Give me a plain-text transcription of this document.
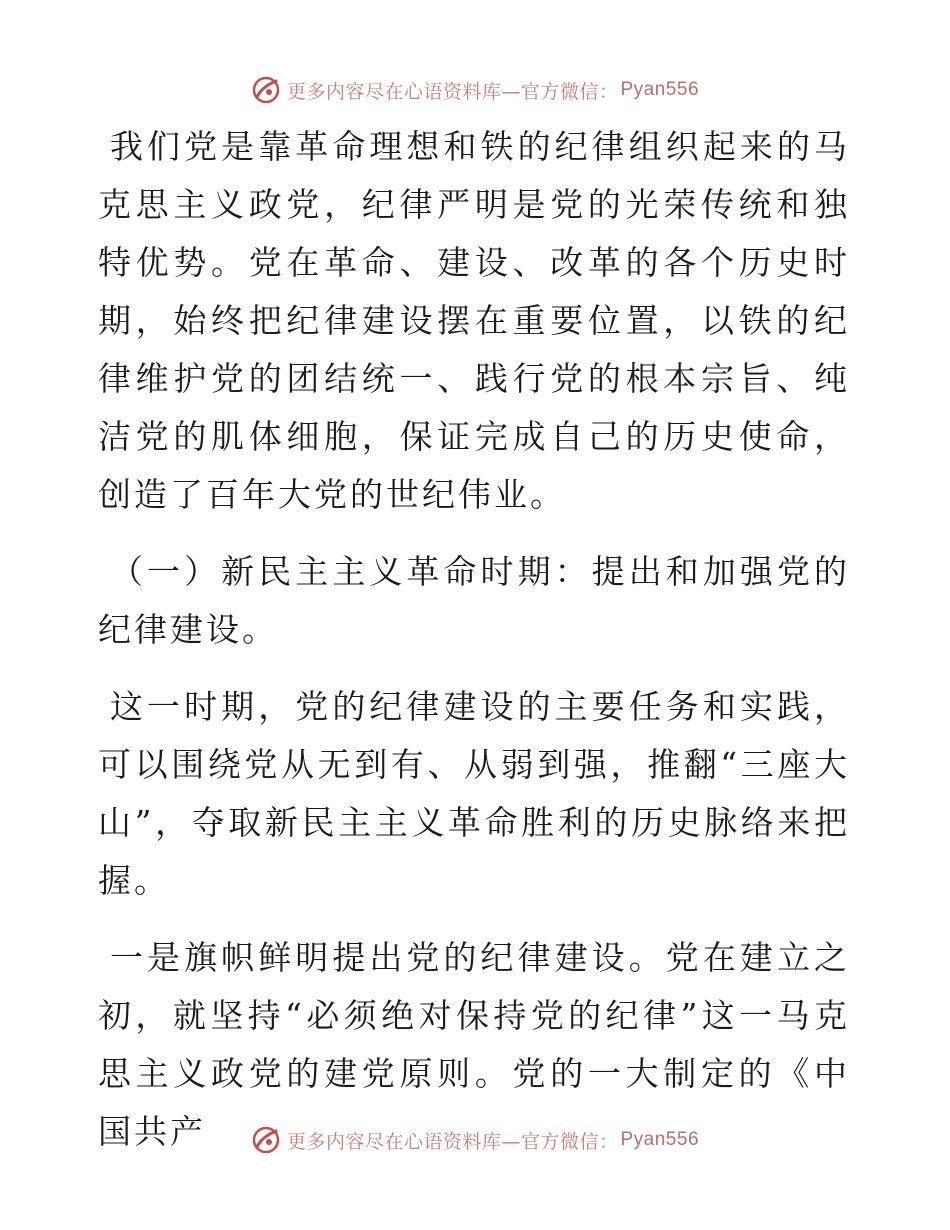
更多内容尽在心语资料库—官方微信： Pyan556

我们党是靠革命理想和铁的纪律组织起来的马克思主义政党，纪律严明是党的光荣传统和独特优势。党在革命、建设、改革的各个历史时期，始终把纪律建设摆在重要位置，以铁的纪律维护党的团结统一、践行党的根本宗旨、纯洁党的肌体细胞，保证完成自己的历史使命，创造了百年大党的世纪伟业。

（一）新民主主义革命时期：提出和加强党的纪律建设。

这一时期，党的纪律建设的主要任务和实践，可以围绕党从无到有、从弱到强，推翻“三座大山”，夺取新民主主义革命胜利的历史脉络来把握。

一是旗帜鲜明提出党的纪律建设。党在建立之初，就坚持“必须绝对保持党的纪律”这一马克思主义政党的建党原则。党的一大制定的《中国共产	更多内容尽在心语资料库—官方微信： Pyan556
